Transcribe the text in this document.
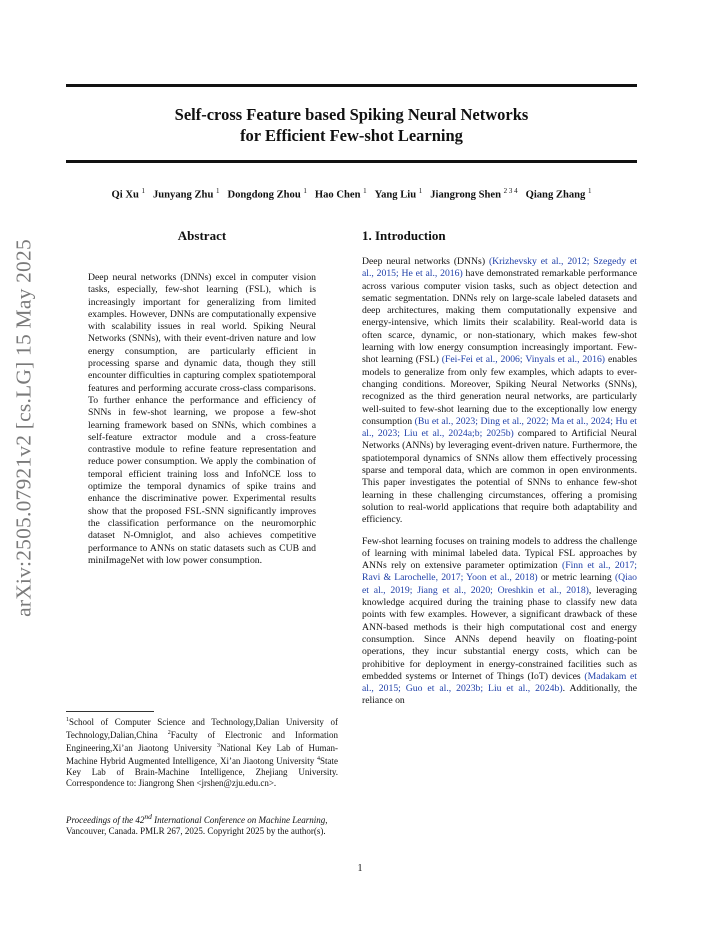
arXiv:2505.07921v2 [cs.LG] 15 May 2025
Self-cross Feature based Spiking Neural Networks
for Efficient Few-shot Learning
Qi Xu $^1$ Junyang Zhu $^1$ Dongdong Zhou $^1$ Hao Chen $^1$ Yang Liu $^1$ Jiangrong Shen $^{2 3 4}$ Qiang Zhang $^1$
Abstract

Deep neural networks (DNNs) excel in computer vision tasks, especially, few-shot learning (FSL), which is increasingly important for generalizing from limited examples. However, DNNs are computationally expensive with scalability issues in real world. Spiking Neural Networks (SNNs), with their event-driven nature and low energy consumption, are particularly efficient in processing sparse and dynamic data, though they still encounter difficulties in capturing complex spatiotemporal features and performing accurate cross-class comparisons. To further enhance the performance and efficiency of SNNs in few-shot learning, we propose a few-shot learning framework based on SNNs, which combines a self-feature extractor module and a cross-feature contrastive module to refine feature representation and reduce power consumption. We apply the combination of temporal efficient training loss and InfoNCE loss to optimize the temporal dynamics of spike trains and enhance the discriminative power. Experimental results show that the proposed FSL-SNN significantly improves the classification performance on the neuromorphic dataset N-Omniglot, and also achieves competitive performance to ANNs on static datasets such as CUB and miniImageNet with low power consumption.

$^1$School of Computer Science and Technology,Dalian University of Technology,Dalian,China $^2$Faculty of Electronic and Information Engineering,Xi’an Jiaotong University $^3$National Key Lab of Human-Machine Hybrid Augmented Intelligence, Xi’an Jiaotong University $^4$State Key Lab of Brain-Machine Intelligence, Zhejiang University. Correspondence to: Jiangrong Shen <jrshen@zju.edu.cn>.
Proceedings of the 42nd International Conference on Machine Learning, Vancouver, Canada. PMLR 267, 2025. Copyright 2025 by the author(s).
1. Introduction

Deep neural networks (DNNs) (Krizhevsky et al., 2012; Szegedy et al., 2015; He et al., 2016) have demonstrated remarkable performance across various computer vision tasks, such as object detection and sematic segmentation. DNNs rely on large-scale labeled datasets and deep architectures, making them computationally expensive and energy-intensive, which limits their scalability. Real-world data is often scarce, dynamic, or non-stationary, which makes few-shot learning with low energy consumption increasingly important. Few-shot learning (FSL) (Fei-Fei et al., 2006; Vinyals et al., 2016) enables models to generalize from only few examples, which adapts to ever-changing conditions. Moreover, Spiking Neural Networks (SNNs), recognized as the third generation neural networks, are particularly well-suited to few-shot learning due to the exceptionally low energy consumption (Bu et al., 2023; Ding et al., 2022; Ma et al., 2024; Hu et al., 2023; Liu et al., 2024a;b; 2025b) compared to Artificial Neural Networks (ANNs) by leveraging event-driven nature. Furthermore, the spatiotemporal dynamics of SNNs allow them effectively processing sparse and temporal data, which are common in open environments. This paper investigates the potential of SNNs to enhance few-shot learning in these challenging circumstances, offering a promising solution to real-world applications that require both adaptability and efficiency.

Few-shot learning focuses on training models to address the challenge of learning with minimal labeled data. Typical FSL approaches by ANNs rely on extensive parameter optimization (Finn et al., 2017; Ravi & Larochelle, 2017; Yoon et al., 2018) or metric learning (Qiao et al., 2019; Jiang et al., 2020; Oreshkin et al., 2018), leveraging knowledge acquired during the training phase to classify new data points with few examples. However, a significant drawback of these ANN-based methods is their high computational cost and energy consumption. Since ANNs depend heavily on floating-point operations, they incur substantial energy costs, which can be prohibitive for deployment in energy-constrained facilities such as embedded systems or Internet of Things (IoT) devices (Madakam et al., 2015; Guo et al., 2023b; Liu et al., 2024b). Additionally, the reliance on

1
